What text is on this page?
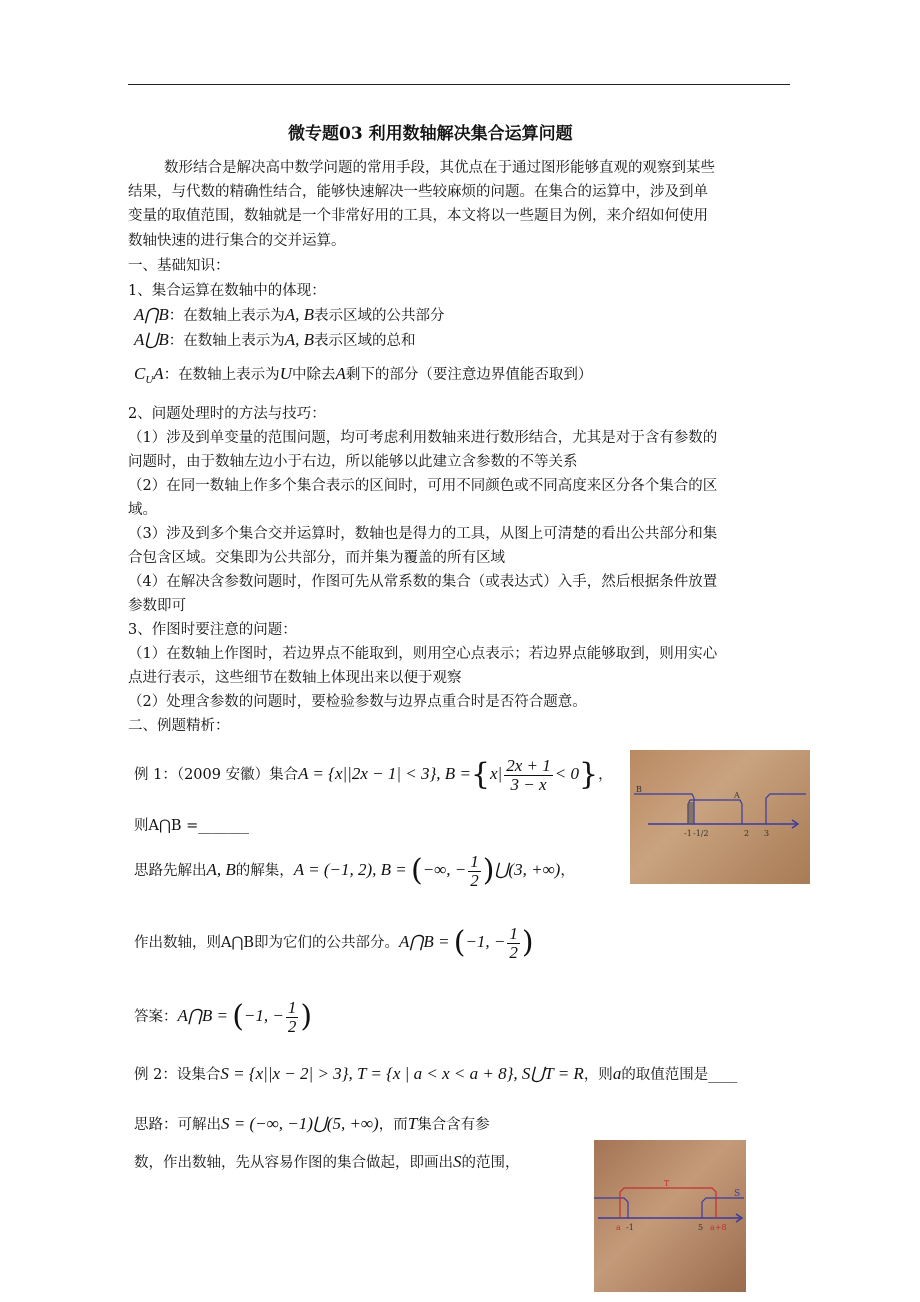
微专题03 利用数轴解决集合运算问题
数形结合是解决高中数学问题的常用手段，其优点在于通过图形能够直观的观察到某些
结果，与代数的精确性结合，能够快速解决一些较麻烦的问题。在集合的运算中，涉及到单
变量的取值范围，数轴就是一个非常好用的工具，本文将以一些题目为例，来介绍如何使用
数轴快速的进行集合的交并运算。
一、基础知识：
1、集合运算在数轴中的体现：
A⋂B：在数轴上表示为A, B表示区域的公共部分
A⋃B：在数轴上表示为A, B表示区域的总和
$C_UA$：在数轴上表示为U中除去A剩下的部分（要注意边界值能否取到）
2、问题处理时的方法与技巧：
（1）涉及到单变量的范围问题，均可考虑利用数轴来进行数形结合，尤其是对于含有参数的
问题时，由于数轴左边小于右边，所以能够以此建立含参数的不等关系
（2）在同一数轴上作多个集合表示的区间时，可用不同颜色或不同高度来区分各个集合的区
域。
（3）涉及到多个集合交并运算时，数轴也是得力的工具，从图上可清楚的看出公共部分和集
合包含区域。交集即为公共部分，而并集为覆盖的所有区域
（4）在解决含参数问题时，作图可先从常系数的集合（或表达式）入手，然后根据条件放置
参数即可
3、作图时要注意的问题：
（1）在数轴上作图时，若边界点不能取到，则用空心点表示；若边界点能够取到，则用实心
点进行表示，这些细节在数轴上体现出来以便于观察
（2）处理含参数的问题时，要检验参数与边界点重合时是否符合题意。
二、例题精析：
例 1：（2009 安徽）集合A = {x||2x − 1| < 3}, $B =\{x| \frac{2x + 1}{3 - x} < 0\}$，
则A⋂B =_______
思路先解出A, B的解集，A = (−1, 2), B = (−∞, − $\frac{1}{2}$ )⋃(3, +∞)，
作出数轴，则A⋂B即为它们的公共部分。A⋂B = (−1, − $\frac{1}{2}$ )
答案：A⋂B = (−1, − $\frac{1}{2}$ )
-1 -1/2	2 3
A
B
例 2：设集合S = {x||x − 2| > 3}, T = {x | a < x < a + 8}, S⋃T = R，则a的取值范围是____
思路：可解出S = (−∞, −1)⋃(5, +∞)，而T集合含有参
数，作出数轴，先从容易作图的集合做起，即画出S的范围，
a -1	5 a+8
T
S
